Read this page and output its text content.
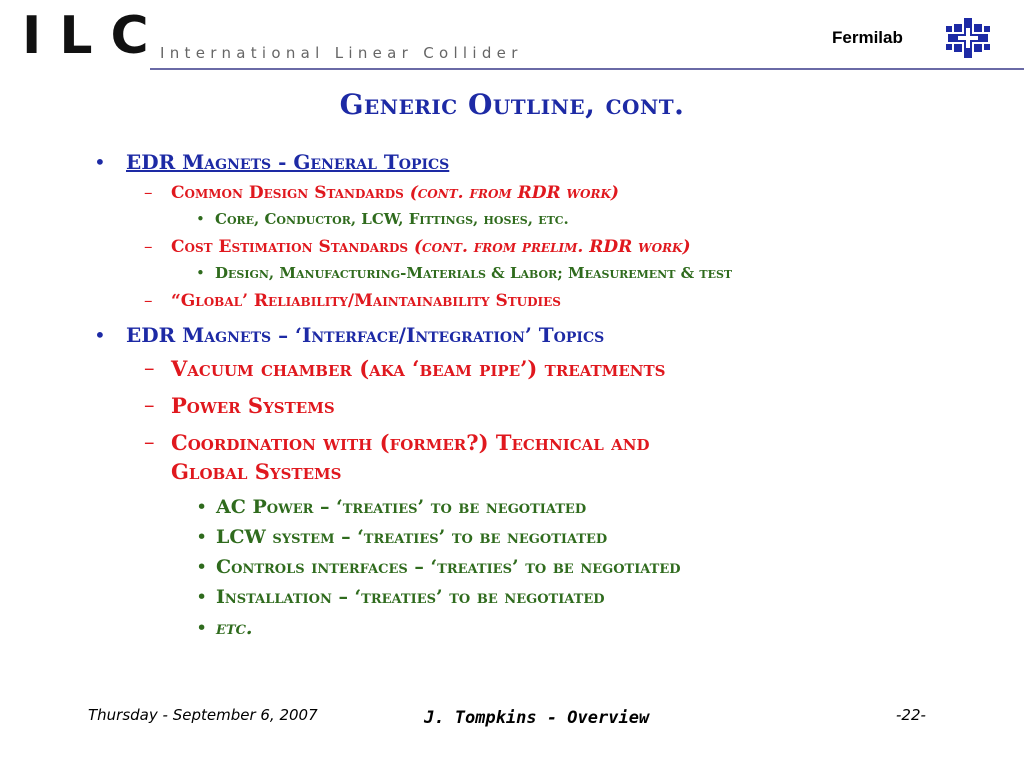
ILC
International Linear Collider
Fermilab
Generic Outline, cont.
• EDR Magnets - General Topics
– Common Design Standards (cont. from RDR work)
• Core, Conductor, LCW, Fittings, hoses, etc.
– Cost Estimation Standards (cont. from prelim. RDR work)
• Design, Manufacturing-Materials & Labor; Measurement & test
– “Global’ Reliability/Maintainability Studies
• EDR Magnets – ‘Interface/Integration’ Topics
– Vacuum chamber (aka ‘beam pipe’) treatments
– Power Systems
– Coordination with (former?) Technical and
Global Systems
• AC Power – ‘treaties’ to be negotiated
• LCW system – ‘treaties’ to be negotiated
• Controls interfaces – ‘treaties’ to be negotiated
• Installation – ‘treaties’ to be negotiated
• etc.
Thursday - September 6, 2007	J. Tompkins - Overview	-22-
